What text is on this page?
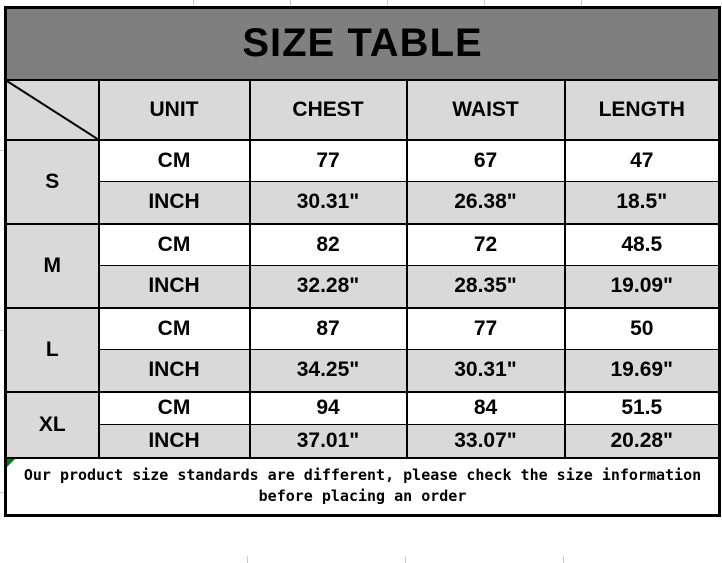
SIZE TABLE				

	UNIT	CHEST	WAIST	LENGTH
S	CM	77	67	47
	INCH	30.31"	26.38"	18.5"
M	CM	82	72	48.5
	INCH	32.28"	28.35"	19.09"
L	CM	87	77	50
	INCH	34.25"	30.31"	19.69"
XL	CM	94	84	51.5
	INCH	37.01"	33.07"	20.28"

Our product size standards are different, please check the size information
before placing an order				
